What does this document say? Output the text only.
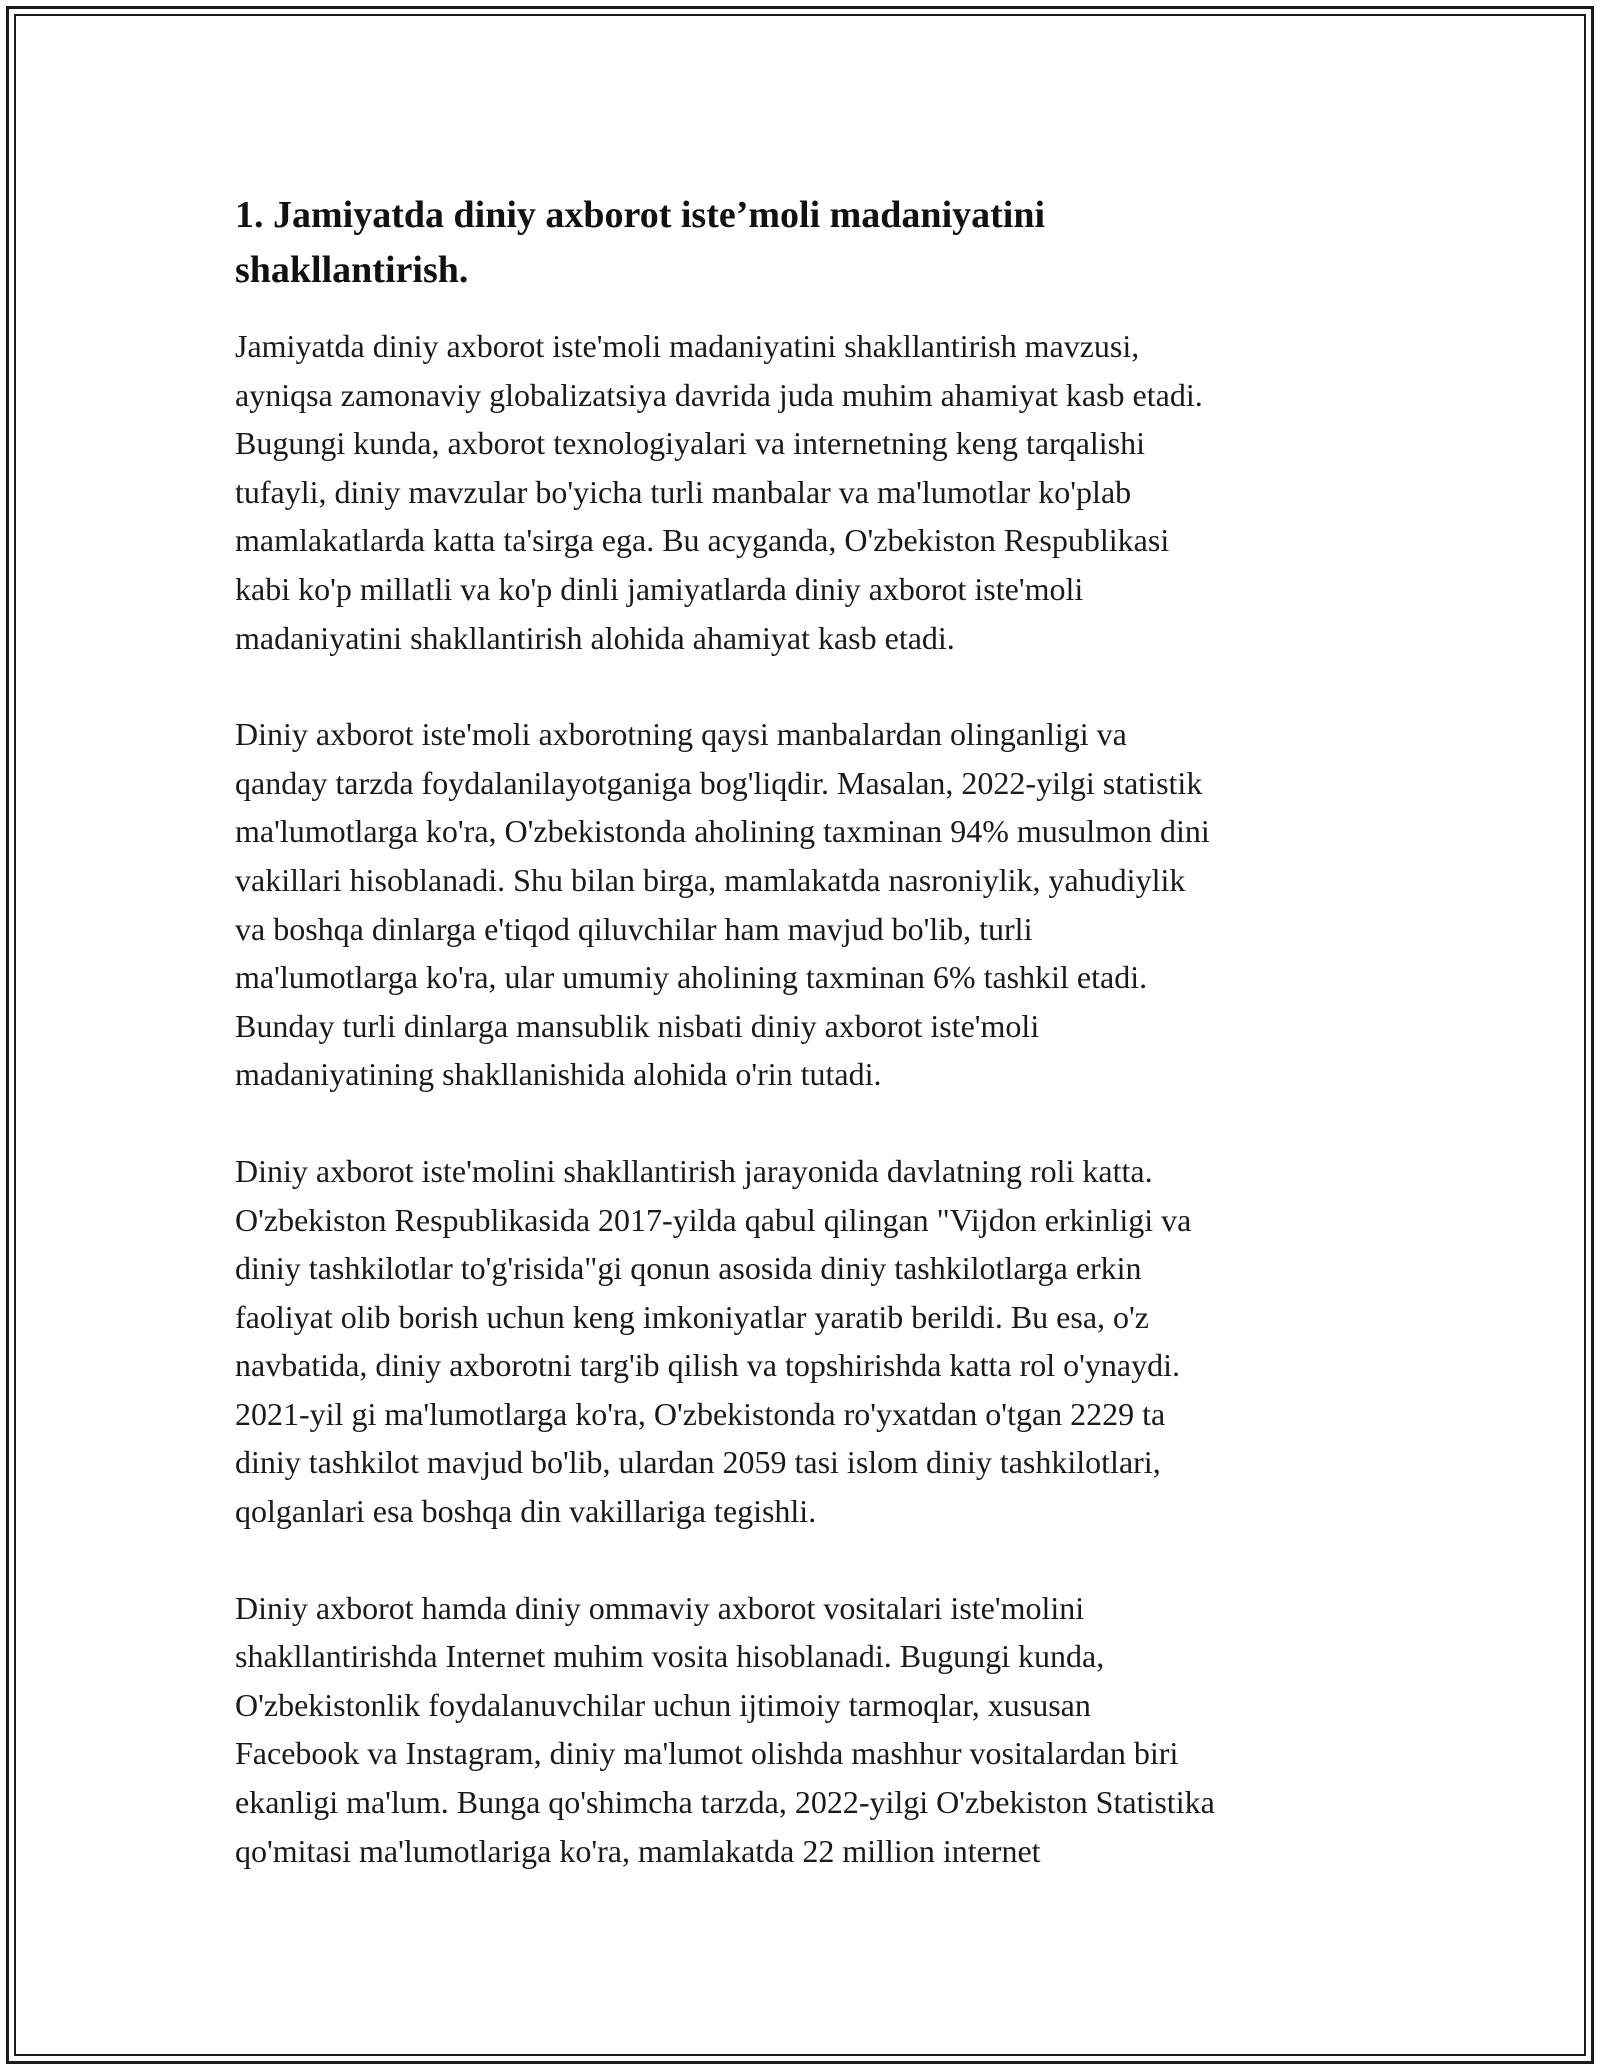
1. Jamiyatda diniy axborot iste’moli madaniyatini
shakllantirish.

Jamiyatda diniy axborot iste'moli madaniyatini shakllantirish mavzusi,
ayniqsa zamonaviy globalizatsiya davrida juda muhim ahamiyat kasb etadi.
Bugungi kunda, axborot texnologiyalari va internetning keng tarqalishi
tufayli, diniy mavzular bo'yicha turli manbalar va ma'lumotlar ko'plab
mamlakatlarda katta ta'sirga ega. Bu acyganda, O'zbekiston Respublikasi
kabi ko'p millatli va ko'p dinli jamiyatlarda diniy axborot iste'moli
madaniyatini shakllantirish alohida ahamiyat kasb etadi.

Diniy axborot iste'moli axborotning qaysi manbalardan olinganligi va
qanday tarzda foydalanilayotganiga bog'liqdir. Masalan, 2022-yilgi statistik
ma'lumotlarga ko'ra, O'zbekistonda aholining taxminan 94% musulmon dini
vakillari hisoblanadi. Shu bilan birga, mamlakatda nasroniylik, yahudiylik
va boshqa dinlarga e'tiqod qiluvchilar ham mavjud bo'lib, turli
ma'lumotlarga ko'ra, ular umumiy aholining taxminan 6% tashkil etadi.
Bunday turli dinlarga mansublik nisbati diniy axborot iste'moli
madaniyatining shakllanishida alohida o'rin tutadi.

Diniy axborot iste'molini shakllantirish jarayonida davlatning roli katta.
O'zbekiston Respublikasida 2017-yilda qabul qilingan "Vijdon erkinligi va
diniy tashkilotlar to'g'risida"gi qonun asosida diniy tashkilotlarga erkin
faoliyat olib borish uchun keng imkoniyatlar yaratib berildi. Bu esa, o'z
navbatida, diniy axborotni targ'ib qilish va topshirishda katta rol o'ynaydi.
2021-yil gi ma'lumotlarga ko'ra, O'zbekistonda ro'yxatdan o'tgan 2229 ta
diniy tashkilot mavjud bo'lib, ulardan 2059 tasi islom diniy tashkilotlari,
qolganlari esa boshqa din vakillariga tegishli.

Diniy axborot hamda diniy ommaviy axborot vositalari iste'molini
shakllantirishda Internet muhim vosita hisoblanadi. Bugungi kunda,
O'zbekistonlik foydalanuvchilar uchun ijtimoiy tarmoqlar, xususan
Facebook va Instagram, diniy ma'lumot olishda mashhur vositalardan biri
ekanligi ma'lum. Bunga qo'shimcha tarzda, 2022-yilgi O'zbekiston Statistika
qo'mitasi ma'lumotlariga ko'ra, mamlakatda 22 million internet
